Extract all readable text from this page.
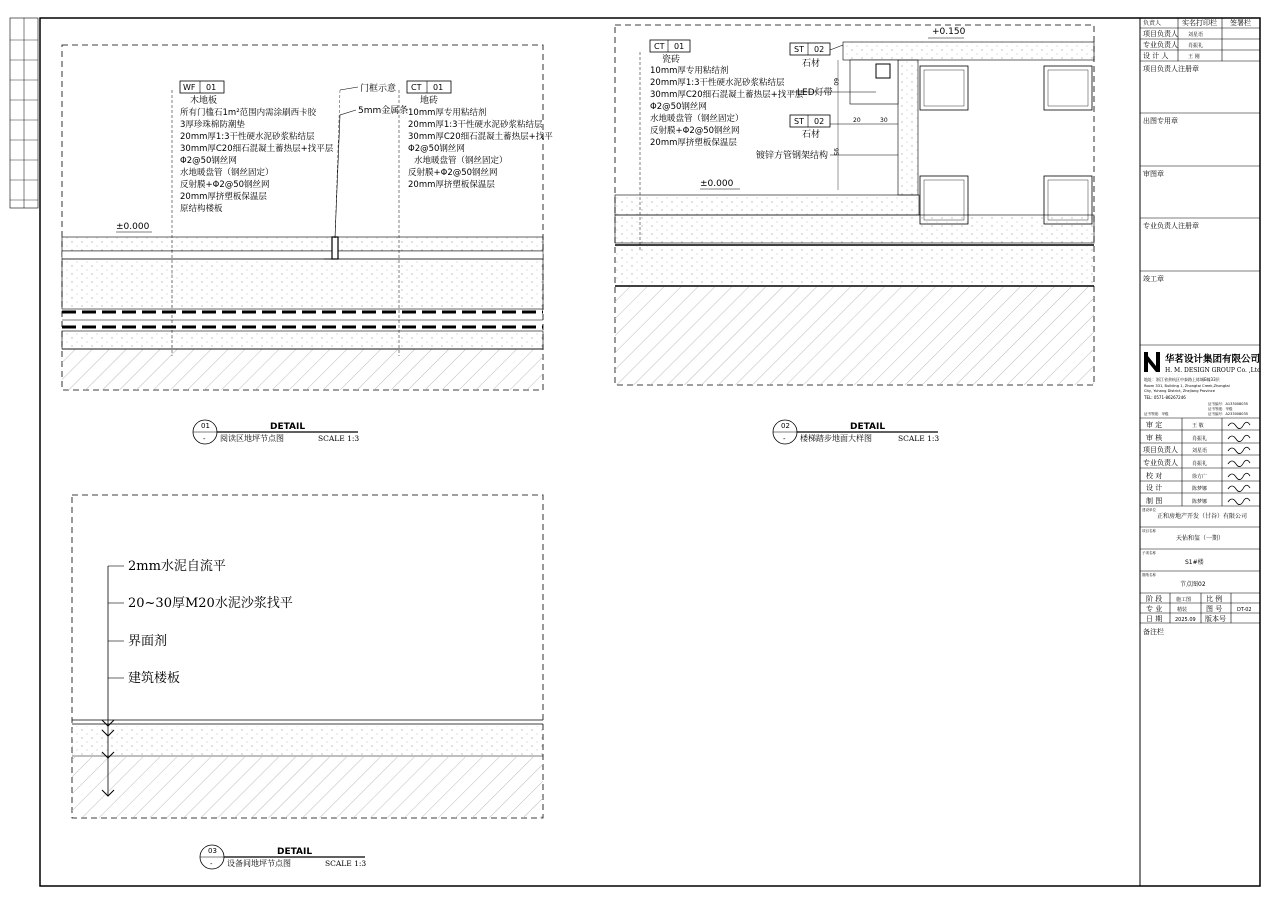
WF 01
木地板
所有门槛石1m²范围内需涂刷西卡胶
3厚珍珠棉防潮垫
20mm厚1:3干性硬水泥砂浆粘结层
30mm厚C20细石混凝土蓄热层+找平层
Φ2@50钢丝网
水地暖盘管（钢丝固定）
反射膜+Φ2@50钢丝网
20mm厚挤塑板保温层
原结构楼板
门框示意
5mm金属条
CT 01
地砖
10mm厚专用粘结剂
20mm厚1:3干性硬水泥砂浆粘结层
30mm厚C20细石混凝土蓄热层+找平
Φ2@50钢丝网
水地暖盘管（钢丝固定）
反射膜+Φ2@50钢丝网
20mm厚挤塑板保温层
±0.000
01
-
DETAIL
阅读区地坪节点图	SCALE 1:3
CT 01
瓷砖
10mm厚专用粘结剂
20mm厚1:3干性硬水泥砂浆粘结层
30mm厚C20细石混凝土蓄热层+找平层
Φ2@50钢丝网
水地暖盘管（钢丝固定）
反射膜+Φ2@50钢丝网
20mm厚挤塑板保温层
ST 02
石材
LED灯带
ST 02
石材
镀锌方管钢架结构
+0.150
±0.000
20	30
60
95
02
-
DETAIL
楼梯踏步地面大样图	SCALE 1:3
2mm水泥自流平
20~30厚M20水泥沙浆找平
界面剂
建筑楼板
03
-
DETAIL
设备间地坪节点图	SCALE 1:3
负责人	实名打印栏 签署栏
项目负责人 刘星语
专业负责人 肖振礼
设 计 人	王 刚
项目负责人注册章
出图专用章
审图章
专业负责人注册章
竣工章
华茗设计集团有限公司
H. M. DESIGN GROUP Co. ,Ltd
地址：浙江省余杭区中泰路上炼城E幢33层
Room 331, Building 1, Zhongtai Creek,Zhongtai
City, Yuhang District, Zhejiang Province
TEL: 0571-86267246
证书编号：A133008035
证书等级：甲级
证书编号：A233008035
证书等级：甲级
审 定	王 敬
审 核	肖振礼
项目负责人	刘星语
专业负责人	肖振礼
校 对	徐方广
设 计	陈梦娜
制 图	陈梦娜
建设单位
正和房地产开发（甘谷）有限公司
项目名称
天佑和玺（一期）
子项名称
S1#楼
图纸名称
节点图02
阶 段	施工图 比 例
专 业	精装	图 号	DT-02
日 期	2025.09 版本号
备注栏
